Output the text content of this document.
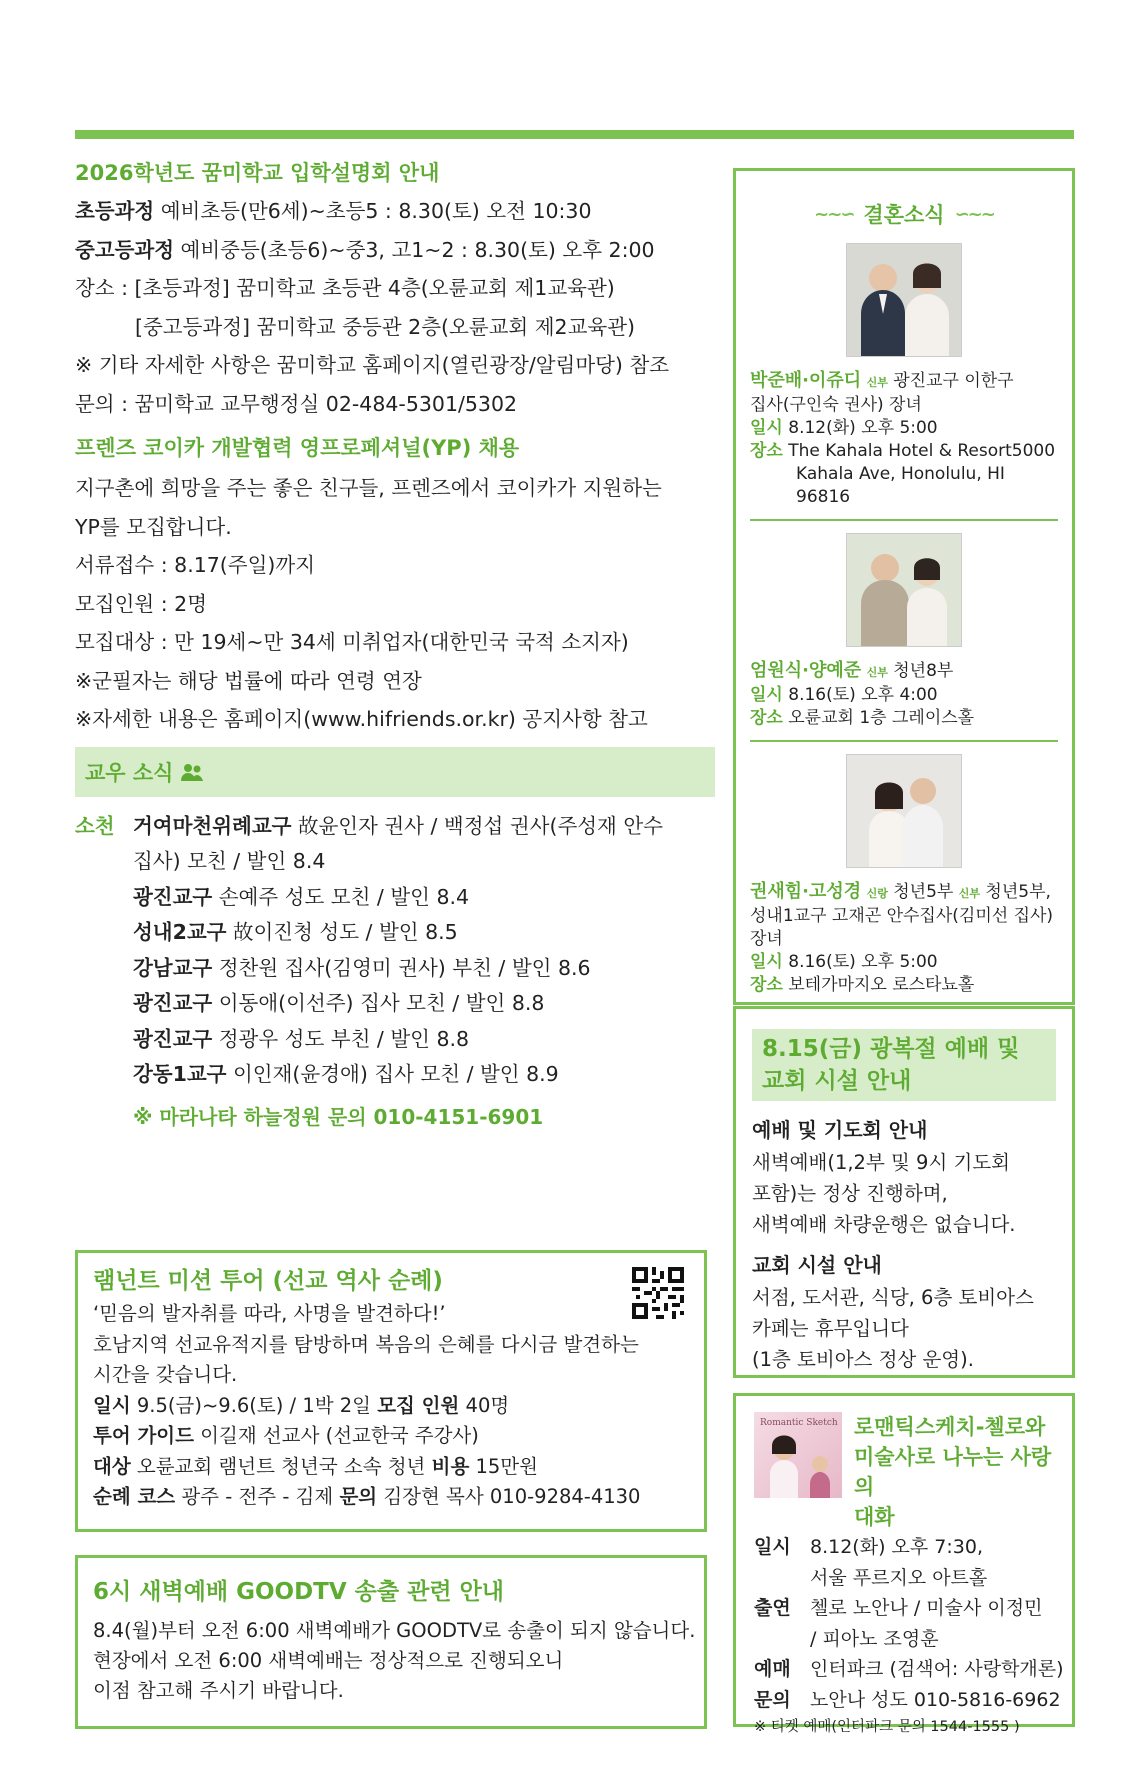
2026학년도 꿈미학교 입학설명회 안내
초등과정 예비초등(만6세)~초등5 : 8.30(토) 오전 10:30
중고등과정 예비중등(초등6)~중3, 고1~2 : 8.30(토) 오후 2:00
장소 : [초등과정] 꿈미학교 초등관 4층(오륜교회 제1교육관)
[중고등과정] 꿈미학교 중등관 2층(오륜교회 제2교육관)
※ 기타 자세한 사항은 꿈미학교 홈페이지(열린광장/알림마당) 참조
문의 : 꿈미학교 교무행정실 02-484-5301/5302
프렌즈 코이카 개발협력 영프로페셔널(YP) 채용
지구촌에 희망을 주는 좋은 친구들, 프렌즈에서 코이카가 지원하는
YP를 모집합니다.
서류접수 : 8.17(주일)까지
모집인원 : 2명
모집대상 : 만 19세~만 34세 미취업자(대한민국 국적 소지자)
※군필자는 해당 법률에 따라 연령 연장
※자세한 내용은 홈페이지(www.hifriends.or.kr) 공지사항 참고
교우 소식
소천 거여마천위례교구 故윤인자 권사 / 백정섭 권사(주성재 안수
집사) 모친 / 발인 8.4
광진교구 손예주 성도 모친 / 발인 8.4
성내2교구 故이진청 성도 / 발인 8.5
강남교구 정찬원 집사(김영미 권사) 부친 / 발인 8.6
광진교구 이동애(이선주) 집사 모친 / 발인 8.8
광진교구 정광우 성도 부친 / 발인 8.8
강동1교구 이인재(윤경애) 집사 모친 / 발인 8.9
※ 마라나타 하늘정원 문의 010-4151-6901
램넌트 미션 투어 (선교 역사 순례)
‘믿음의 발자취를 따라, 사명을 발견하다!’
호남지역 선교유적지를 탐방하며 복음의 은혜를 다시금 발견하는
시간을 갖습니다.
일시 9.5(금)~9.6(토) / 1박 2일 모집 인원 40명
투어 가이드 이길재 선교사 (선교한국 주강사)
대상 오륜교회 램넌트 청년국 소속 청년 비용 15만원
순례 코스 광주 - 전주 - 김제 문의 김장현 목사 010-9284-4130
6시 새벽예배 GOODTV 송출 관련 안내
8.4(월)부터 오전 6:00 새벽예배가 GOODTV로 송출이 되지 않습니다.
현장에서 오전 6:00 새벽예배는 정상적으로 진행되오니
이점 참고해 주시기 바랍니다.
~~∽ 결혼소식 ∽~~
박준배·이쥬디 신부 광진교구 이한구
집사(구인숙 권사) 장녀
일시 8.12(화) 오후 5:00
장소 The Kahala Hotel & Resort5000
Kahala Ave, Honolulu, HI 96816
엄원식·양예준 신부 청년8부
일시 8.16(토) 오후 4:00
장소 오륜교회 1층 그레이스홀
권새힘·고성경 신랑 청년5부 신부 청년5부,
성내1교구 고재곤 안수집사(김미선 집사)
장녀
일시 8.16(토) 오후 5:00
장소 보테가마지오 로스타뇨홀
8.15(금) 광복절 예배 및
교회 시설 안내
예배 및 기도회 안내
새벽예배(1,2부 및 9시 기도회
포함)는 정상 진행하며,
새벽예배 차량운행은 없습니다.
교회 시설 안내
서점, 도서관, 식당, 6층 토비아스
카페는 휴무입니다
(1층 토비아스 정상 운영).
Romantic Sketch 로맨틱스케치-첼로와
미술사로 나누는 사랑의
대화
일시 8.12(화) 오후 7:30,
서울 푸르지오 아트홀
출연 첼로 노안나 / 미술사 이정민
/ 피아노 조영훈
예매 인터파크 (검색어: 사랑학개론)
문의 노안나 성도 010-5816-6962
※ 티켓 예매(인터파크 문의 1544-1555 )
